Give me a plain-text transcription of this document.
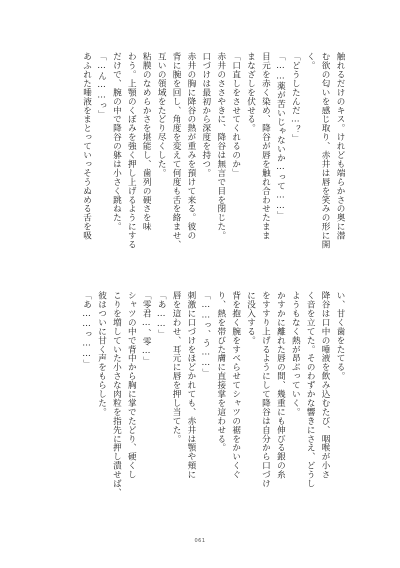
触れるだけのキス。けれども端らかさの奥に潜
む欲の匂いを感じ取り、赤井は唇を笑みの形に開
く。
「どうしたんだ…？」
「……薬が苦いじゃないか…って……」
目元を赤く染め、降谷が唇を触れ合わせたまま
まなざしを伏せる。
「口直しをさせてくれるのか」
赤井のささやきに、降谷は無言で目を閉じた。
口づけは最初から深度を持つ。
赤井の胸に降谷の熱が重みを預けて来る。彼の
背に腕を回し、角度を変えて何度も舌を絡ませ、
互いの領域をたどり尽くした。
粘膜のなめらかさを堪能し、歯列の硬さを味
わう。上顎のくぼみを強く押し上げるようにする
だけで、腕の中で降谷の躰は小さく跳ねた。
「…ん……っ」
あふれた唾液をまとっていっそうぬめる舌を吸
い、甘く歯をたてる。
降谷は口中の唾液を飲み込むたび、咽喉が小さ
く音を立てた。そのわずかな響きにさえ、どうし
ようもなく熱が昂ぶっていく。
かすかに離れた唇の間、幾重にも伸びる銀の糸
をすすり上げるようにして降谷は自分から口づけ
に没入する。
背を抱く腕をすべらせてシャツの裾をかいくぐ
り、熱を帯びた膚に直接掌を這わせる。
「……っ、う……」
刺激に口づけをほどかれても、赤井は顎や頬に
唇を這わせ、耳元に唇を押し当てた。
「あ……」
「零君…、零…」
シャツの中で背中から胸に掌でたどり、硬くし
こりを増していた小さな肉粒を指先に押し潰せば、
彼はついに甘く声をもらした。
「あ……っ……」
061
